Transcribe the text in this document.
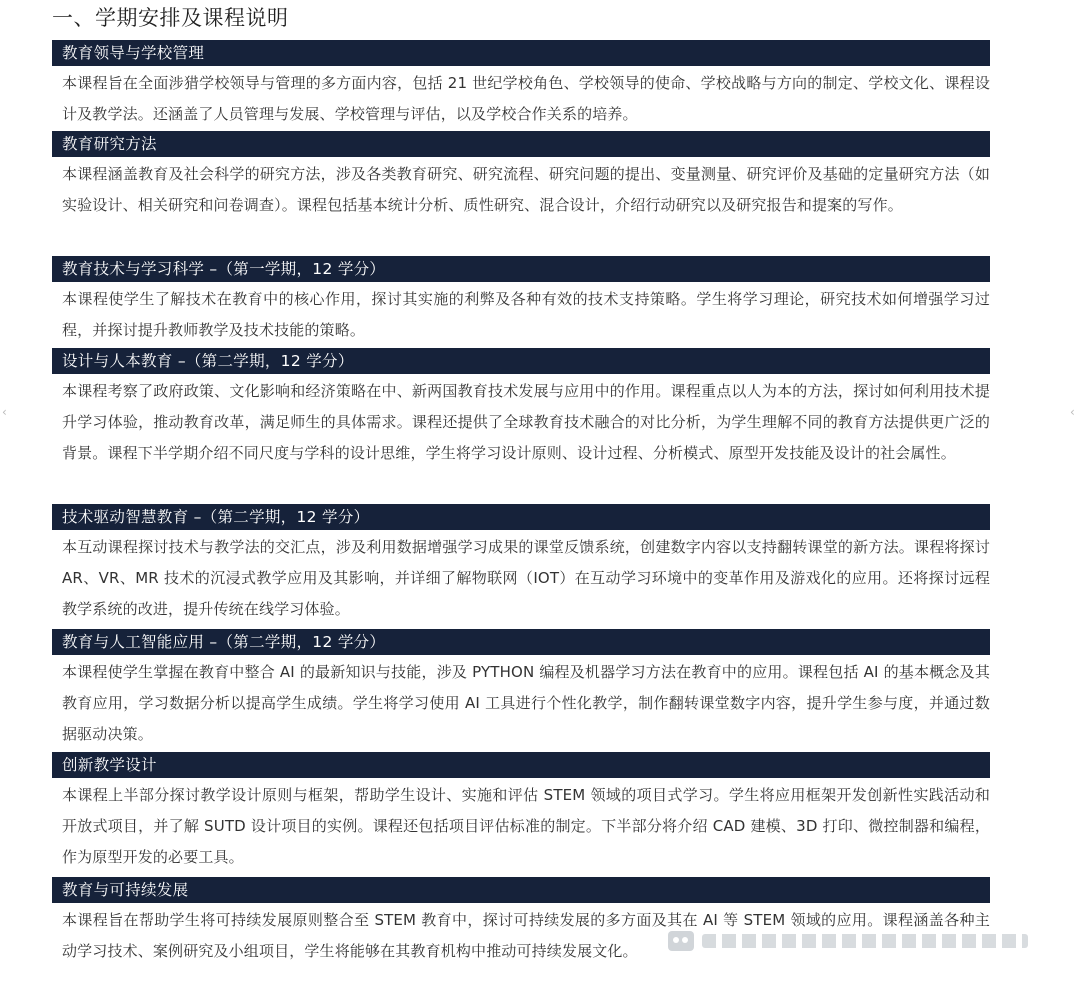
一、学期安排及课程说明
教育领导与学校管理

本课程旨在全面涉猎学校领导与管理的多方面内容，包括 21 世纪学校角色、学校领导的使命、学校战略与方向的制定、学校文化、课程设计及教学法。还涵盖了人员管理与发展、学校管理与评估，以及学校合作关系的培养。

教育研究方法

本课程涵盖教育及社会科学的研究方法，涉及各类教育研究、研究流程、研究问题的提出、变量测量、研究评价及基础的定量研究方法（如实验设计、相关研究和问卷调查）。课程包括基本统计分析、质性研究、混合设计，介绍行动研究以及研究报告和提案的写作。

教育技术与学习科学 –（第一学期，12 学分）

本课程使学生了解技术在教育中的核心作用，探讨其实施的利弊及各种有效的技术支持策略。学生将学习理论，研究技术如何增强学习过程，并探讨提升教师教学及技术技能的策略。

设计与人本教育 –（第二学期，12 学分）

本课程考察了政府政策、文化影响和经济策略在中、新两国教育技术发展与应用中的作用。课程重点以人为本的方法，探讨如何利用技术提升学习体验，推动教育改革，满足师生的具体需求。课程还提供了全球教育技术融合的对比分析，为学生理解不同的教育方法提供更广泛的背景。课程下半学期介绍不同尺度与学科的设计思维，学生将学习设计原则、设计过程、分析模式、原型开发技能及设计的社会属性。

技术驱动智慧教育 –（第二学期，12 学分）

本互动课程探讨技术与教学法的交汇点，涉及利用数据增强学习成果的课堂反馈系统，创建数字内容以支持翻转课堂的新方法。课程将探讨 AR、VR、MR 技术的沉浸式教学应用及其影响，并详细了解物联网（IOT）在互动学习环境中的变革作用及游戏化的应用。还将探讨远程教学系统的改进，提升传统在线学习体验。

教育与人工智能应用 –（第二学期，12 学分）

本课程使学生掌握在教育中整合 AI 的最新知识与技能，涉及 PYTHON 编程及机器学习方法在教育中的应用。课程包括 AI 的基本概念及其教育应用，学习数据分析以提高学生成绩。学生将学习使用 AI 工具进行个性化教学，制作翻转课堂数字内容，提升学生参与度，并通过数据驱动决策。

创新教学设计

本课程上半部分探讨教学设计原则与框架，帮助学生设计、实施和评估 STEM 领域的项目式学习。学生将应用框架开发创新性实践活动和开放式项目，并了解 SUTD 设计项目的实例。课程还包括项目评估标准的制定。下半部分将介绍 CAD 建模、3D 打印、微控制器和编程，作为原型开发的必要工具。

教育与可持续发展

本课程旨在帮助学生将可持续发展原则整合至 STEM 教育中，探讨可持续发展的多方面及其在 AI 等 STEM 领域的应用。课程涵盖各种主动学习技术、案例研究及小组项目，学生将能够在其教育机构中推动可持续发展文化。

‹	‹
